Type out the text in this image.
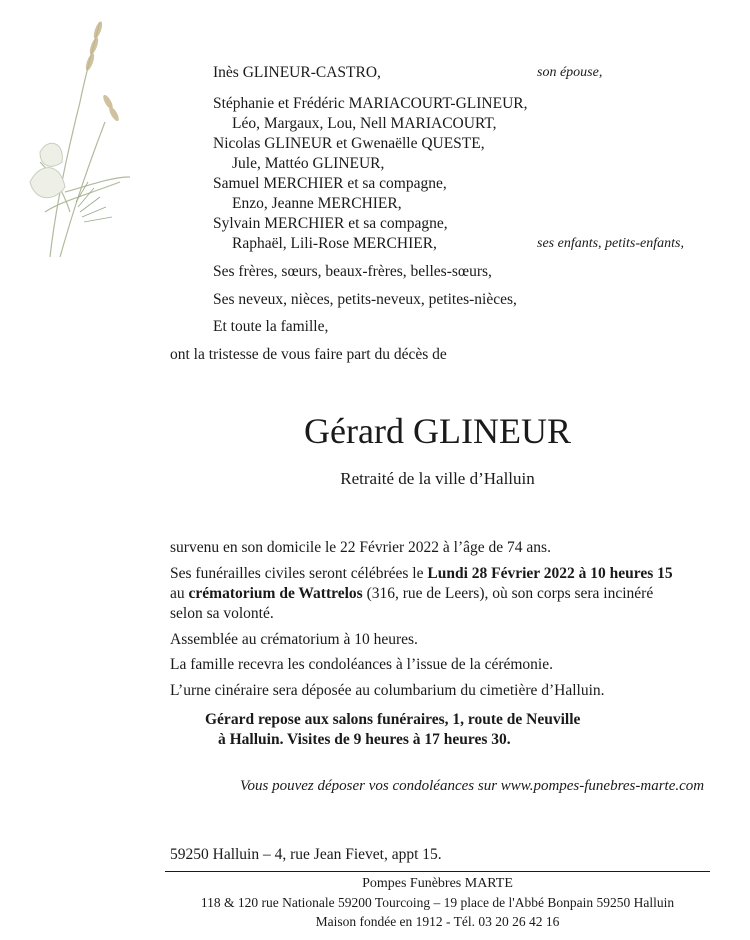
Inès GLINEUR-CASTRO,	son épouse,
Stéphanie et Frédéric MARIACOURT-GLINEUR,
Léo, Margaux, Lou, Nell MARIACOURT,
Nicolas GLINEUR et Gwenaëlle QUESTE,
Jule, Mattéo GLINEUR,
Samuel MERCHIER et sa compagne,
Enzo, Jeanne MERCHIER,
Sylvain MERCHIER et sa compagne,
Raphaël, Lili-Rose MERCHIER,	ses enfants, petits-enfants,
Ses frères, sœurs, beaux-frères, belles-sœurs,
Ses neveux, nièces, petits-neveux, petites-nièces,
Et toute la famille,
ont la tristesse de vous faire part du décès de
Gérard GLINEUR
Retraité de la ville d’Halluin
survenu en son domicile le 22 Février 2022 à l’âge de 74 ans.
Ses funérailles civiles seront célébrées le Lundi 28 Février 2022 à 10 heures 15
au crématorium de Wattrelos (316, rue de Leers), où son corps sera incinéré
selon sa volonté.
Assemblée au crématorium à 10 heures.
La famille recevra les condoléances à l’issue de la cérémonie.
L’urne cinéraire sera déposée au columbarium du cimetière d’Halluin.
Gérard repose aux salons funéraires, 1, route de Neuville
à Halluin. Visites de 9 heures à 17 heures 30.
Vous pouvez déposer vos condoléances sur www.pompes-funebres-marte.com
59250 Halluin – 4, rue Jean Fievet, appt 15.
Pompes Funèbres MARTE
118 & 120 rue Nationale 59200 Tourcoing – 19 place de l'Abbé Bonpain 59250 Halluin
Maison fondée en 1912 - Tél. 03 20 26 42 16
